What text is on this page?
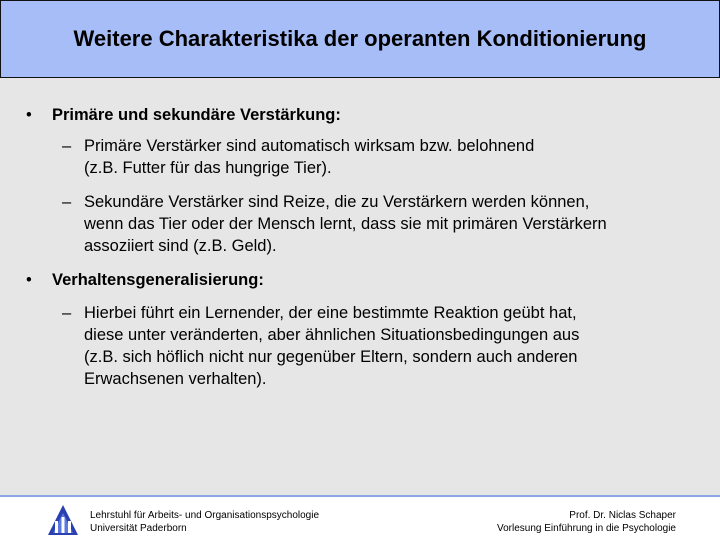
Weitere Charakteristika der operanten Konditionierung
• Primäre und sekundäre Verstärkung:
– Primäre Verstärker sind automatisch wirksam bzw. belohnend
(z.B. Futter für das hungrige Tier).
– Sekundäre Verstärker sind Reize, die zu Verstärkern werden können,
wenn das Tier oder der Mensch lernt, dass sie mit primären Verstärkern
assoziiert sind (z.B. Geld).
• Verhaltensgeneralisierung:
– Hierbei führt ein Lernender, der eine bestimmte Reaktion geübt hat,
diese unter veränderten, aber ähnlichen Situationsbedingungen aus
(z.B. sich höflich nicht nur gegenüber Eltern, sondern auch anderen
Erwachsenen verhalten).
Lehrstuhl für Arbeits- und Organisationspsychologie
Universität Paderborn
Prof. Dr. Niclas Schaper
Vorlesung Einführung in die Psychologie
